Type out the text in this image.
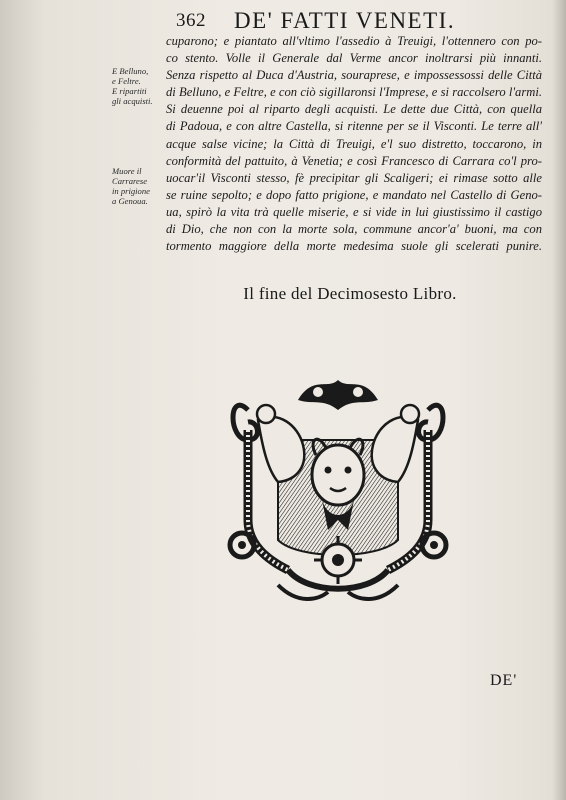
362 DE' FATTI VENETI.
E Belluno,
e Feltre.
E ripartiti
gli acquisti.
Muore il
Carrarese
in prigione
a Genoua.
cuparono; e piantato all'vltimo l'assedio à Treuigi, l'ottennero con po-
co stento. Volle il Generale dal Verme ancor inoltrarsi più innanti.
Senza rispetto al Duca d'Austria, souraprese, e impossessossi delle Città
di Belluno, e Feltre, e con ciò sigillaronsi l'Imprese, e si raccolsero l'armi.
Si deuenne poi al riparto degli acquisti. Le dette due Città, con quella
di Padoua, e con altre Castella, si ritenne per se il Visconti. Le terre all'
acque salse vicine; la Città di Treuigi, e'l suo distretto, toccarono, in
conformità del pattuito, à Venetia; e così Francesco di Carrara co'l pro-
uocar'il Visconti stesso, fè precipitar gli Scaligeri; ei rimase sotto alle
se ruine sepolto; e dopo fatto prigione, e mandato nel Castello di Geno-
ua, spirò la vita trà quelle miserie, e si vide in lui giustissimo il castigo
di Dio, che non con la morte sola, commune ancor'a' buoni, ma con
tormento maggiore della morte medesima suole gli scelerati punire.
Il fine del Decimosesto Libro.
DE'
